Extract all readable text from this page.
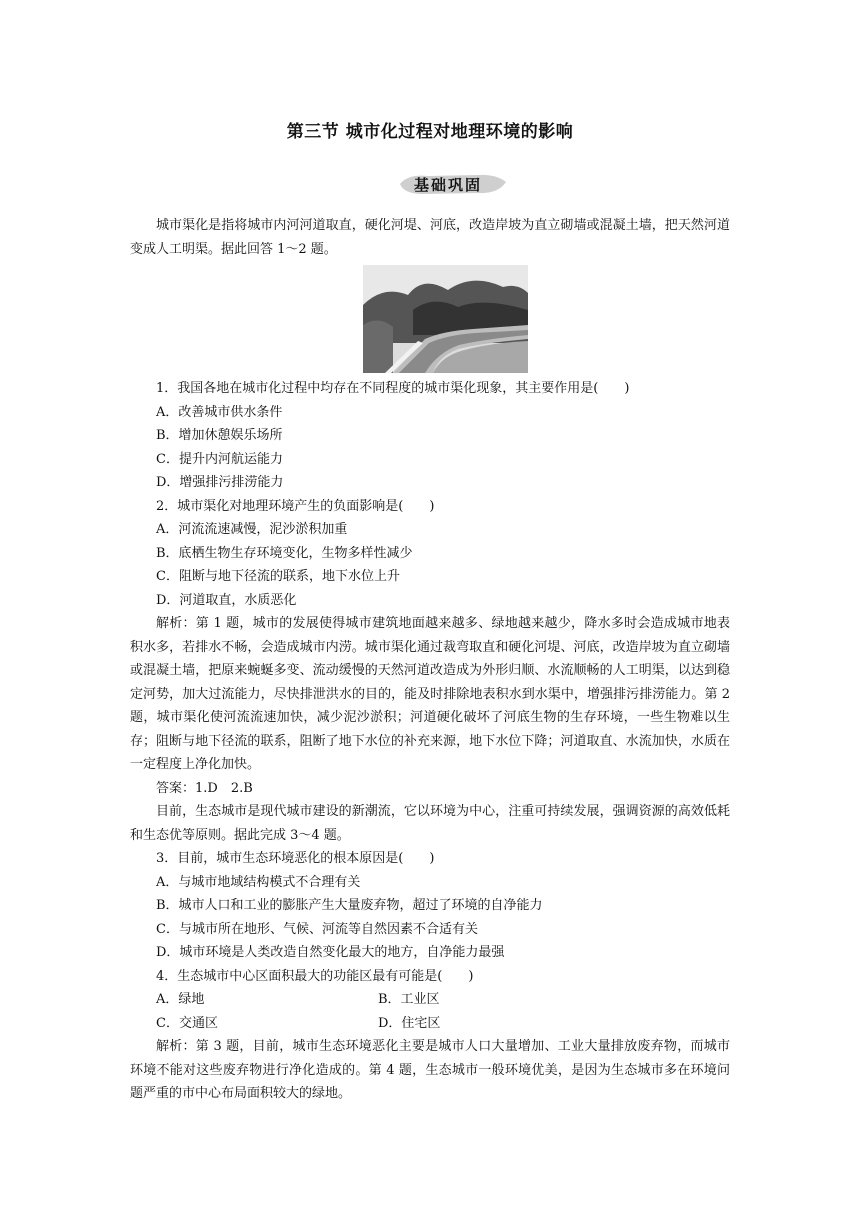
第三节 城市化过程对地理环境的影响
基础巩固

城市渠化是指将城市内河河道取直，硬化河堤、河底，改造岸坡为直立砌墙或混凝土墙，把天然河道变成人工明渠。据此回答 1～2 题。

1．我国各地在城市化过程中均存在不同程度的城市渠化现象，其主要作用是(　　)

A．改善城市供水条件

B．增加休憩娱乐场所

C．提升内河航运能力

D．增强排污排涝能力

2．城市渠化对地理环境产生的负面影响是(　　)

A．河流流速减慢，泥沙淤积加重

B．底栖生物生存环境变化，生物多样性减少

C．阻断与地下径流的联系，地下水位上升

D．河道取直，水质恶化

解析：第 1 题，城市的发展使得城市建筑地面越来越多、绿地越来越少，降水多时会造成城市地表积水多，若排水不畅，会造成城市内涝。城市渠化通过裁弯取直和硬化河堤、河底，改造岸坡为直立砌墙或混凝土墙，把原来蜿蜒多变、流动缓慢的天然河道改造成为外形归顺、水流顺畅的人工明渠，以达到稳定河势，加大过流能力，尽快排泄洪水的目的，能及时排除地表积水到水渠中，增强排污排涝能力。第 2 题，城市渠化使河流流速加快，减少泥沙淤积；河道硬化破坏了河底生物的生存环境，一些生物难以生存；阻断与地下径流的联系，阻断了地下水位的补充来源，地下水位下降；河道取直、水流加快，水质在一定程度上净化加快。

答案：1.D　2.B

目前，生态城市是现代城市建设的新潮流，它以环境为中心，注重可持续发展，强调资源的高效低耗和生态优等原则。据此完成 3～4 题。

3．目前，城市生态环境恶化的根本原因是(　　)

A．与城市地域结构模式不合理有关

B．城市人口和工业的膨胀产生大量废弃物，超过了环境的自净能力

C．与城市所在地形、气候、河流等自然因素不合适有关

D．城市环境是人类改造自然变化最大的地方，自净能力最强

4．生态城市中心区面积最大的功能区最有可能是(　　)

A．绿地	B．工业区
C．交通区	D．住宅区

解析：第 3 题，目前，城市生态环境恶化主要是城市人口大量增加、工业大量排放废弃物，而城市环境不能对这些废弃物进行净化造成的。第 4 题，生态城市一般环境优美，是因为生态城市多在环境问题严重的市中心布局面积较大的绿地。
